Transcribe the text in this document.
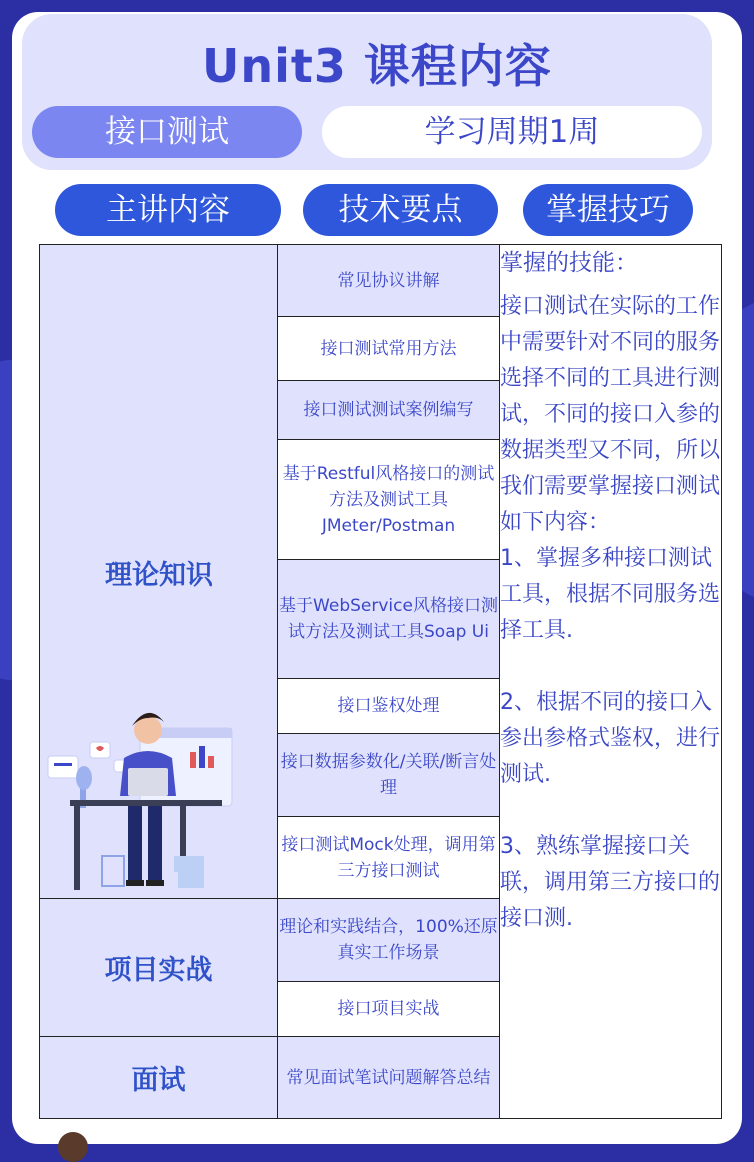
Unit3 课程内容
接口测试	学习周期1周
主讲内容	技术要点	掌握技巧
理论知识	常见协议讲解	掌握的技能：

接口测试在实际的工作中需要针对不同的服务选择不同的工具进行测试，不同的接口入参的数据类型又不同，所以我们需要掌握接口测试如下内容：

1、掌握多种接口测试工具，根据不同服务选择工具.

2、根据不同的接口入参出参格式鉴权，进行测试.

3、熟练掌握接口关联，调用第三方接口的接口测.

	接口测试常用方法	
	接口测试测试案例编写	
	基于Restful风格接口的测试方法及测试工具JMeter/Postman	
	基于WebService风格接口测试方法及测试工具Soap Ui	
	接口鉴权处理	
	接口数据参数化/关联/断言处理	
	接口测试Mock处理，调用第三方接口测试	
项目实战	理论和实践结合，100%还原真实工作场景	
	接口项目实战	
面试	常见面试笔试问题解答总结	
